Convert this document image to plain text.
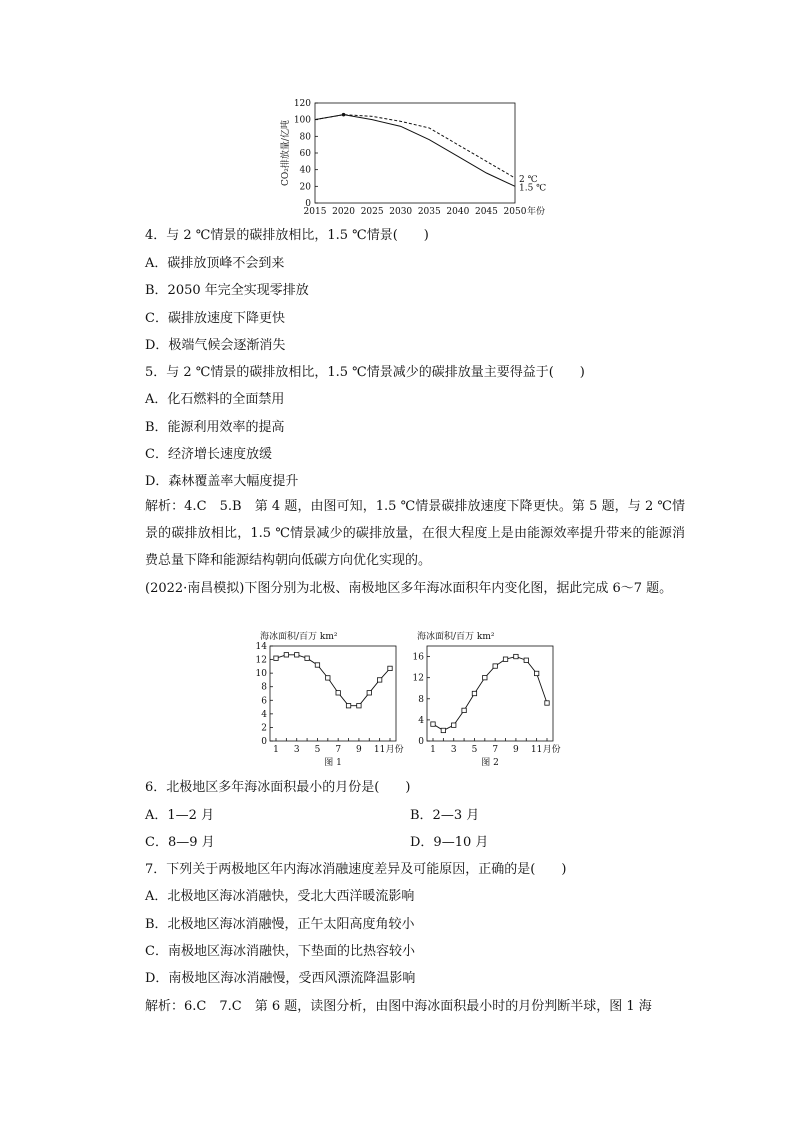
0
20
40
60
80
100
120
2015 2020 2025 2030 2035 2040 2045 2050 年份
CO₂排放量/亿吨	2 ℃
1.5 ℃
4．与 2 ℃情景的碳排放相比，1.5 ℃情景(　　)
A．碳排放顶峰不会到来
B．2050 年完全实现零排放
C．碳排放速度下降更快
D．极端气候会逐渐消失
5．与 2 ℃情景的碳排放相比，1.5 ℃情景减少的碳排放量主要得益于(　　)
A．化石燃料的全面禁用
B．能源利用效率的提高
C．经济增长速度放缓
D．森林覆盖率大幅度提升
解析：4.C　5.B　第 4 题，由图可知，1.5 ℃情景碳排放速度下降更快。第 5 题，与 2 ℃情景的碳排放相比，1.5 ℃情景减少的碳排放量，在很大程度上是由能源效率提升带来的能源消费总量下降和能源结构朝向低碳方向优化实现的。
(2022·南昌模拟)下图分别为北极、南极地区多年海冰面积年内变化图，据此完成 6～7 题。
海冰面积/百万 km²
0
2
4
6
8
10
12
14
1 3 5 7 9 11 月份
图 1
海冰面积/百万 km²
0
4
8
12
16
1 3 5 7 9 11 月份
图 2
6．北极地区多年海冰面积最小的月份是(　　)
A．1—2 月	B．2—3 月
C．8—9 月	D．9—10 月
7．下列关于两极地区年内海冰消融速度差异及可能原因，正确的是(　　)
A．北极地区海冰消融快，受北大西洋暖流影响
B．北极地区海冰消融慢，正午太阳高度角较小
C．南极地区海冰消融快，下垫面的比热容较小
D．南极地区海冰消融慢，受西风漂流降温影响
解析：6.C　7.C　第 6 题，读图分析，由图中海冰面积最小时的月份判断半球，图 1 海
